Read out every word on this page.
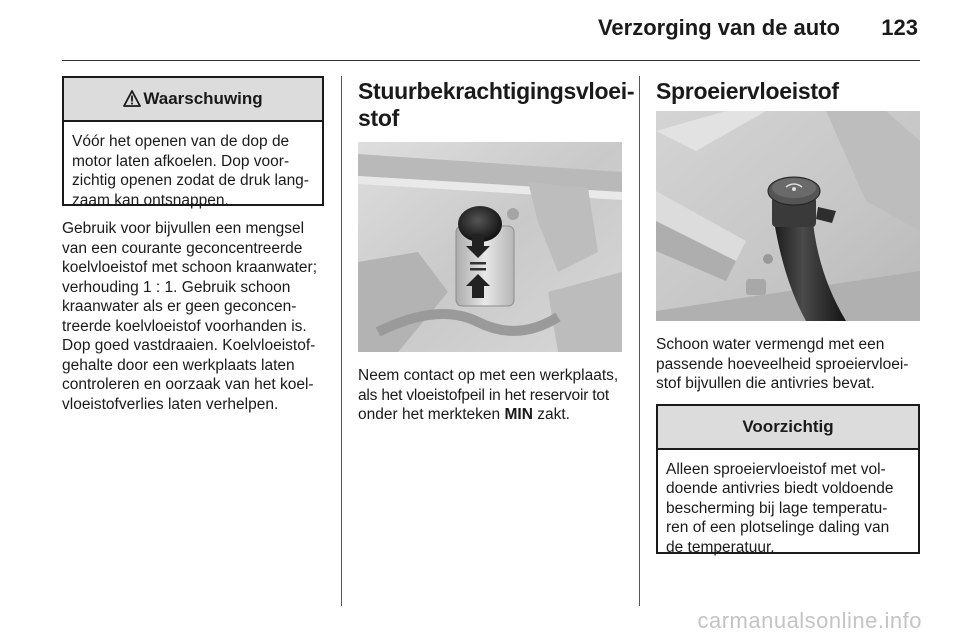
Verzorging van de auto 123
Waarschuwing
Vóór het openen van de dop de
motor laten afkoelen. Dop voor-
zichtig openen zodat de druk lang-
zaam kan ontsnappen.
Gebruik voor bijvullen een mengsel
van een courante geconcentreerde
koelvloeistof met schoon kraanwater;
verhouding 1 : 1. Gebruik schoon
kraanwater als er geen geconcen-
treerde koelvloeistof voorhanden is.
Dop goed vastdraaien. Koelvloeistof-
gehalte door een werkplaats laten
controleren en oorzaak van het koel-
vloeistofverlies laten verhelpen.
Stuurbekrachtigingsvloei-
stof
Neem contact op met een werkplaats,
als het vloeistofpeil in het reservoir tot
onder het merkteken MIN zakt.
Sproeiervloeistof
Schoon water vermengd met een
passende hoeveelheid sproeiervloei-
stof bijvullen die antivries bevat.
Voorzichtig
Alleen sproeiervloeistof met vol-
doende antivries biedt voldoende
bescherming bij lage temperatu-
ren of een plotselinge daling van
de temperatuur.
carmanualsonline.info
